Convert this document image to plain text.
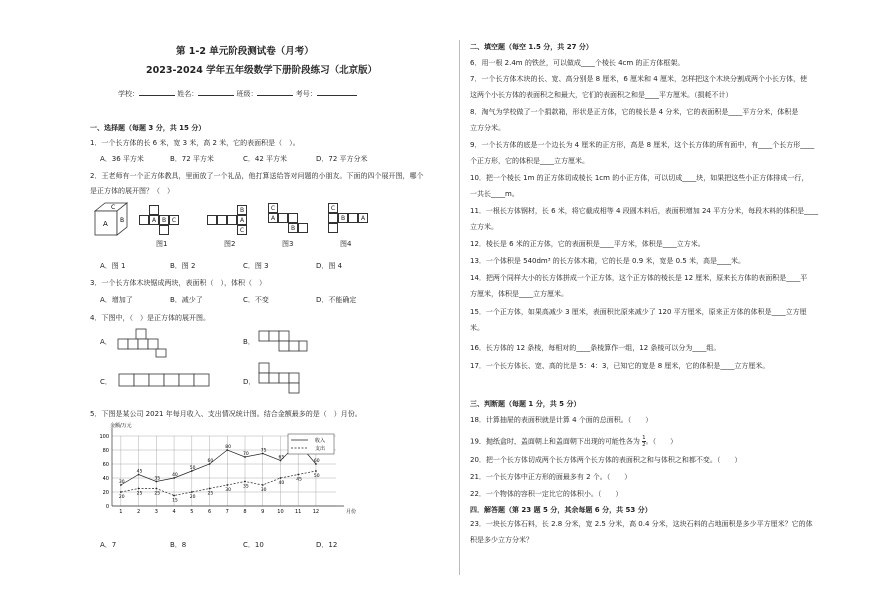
第 1-2 单元阶段测试卷（月考）
2023-2024 学年五年级数学下册阶段练习（北京版）
学校：	姓名：	班级：	考号：
一、选择题（每题 3 分，共 15 分）
1．一个长方体的长 6 米，宽 3 米，高 2 米，它的表面积是（　）。
A．36 平方米	B．72 平方米	C．42 平方米	D．72 平方分米
2．王老师有一个正方体教具，里面放了一个礼品，他打算送给答对问题的小朋友。下面的四个展开图，哪个
是正方体的展开图？（　）
C
A B	A B C
B
A
C
C
A
B
C
B	A
图1	图2	图3	图4
A．图 1	B．图 2	C．图 3	D．图 4
3．一个长方体木块锯成两块，表面积（　），体积（　）
A．增加了	B．减少了	C．不变	D．不能确定
4．下图中，（　）是正方体的展开图。
A．	B．
C．	D．
5．下图是某公司 2021 年每月收入、支出情况统计图。结合金额最多的是（　）月份。
0
20
40
60
80
100
1	2	3	4	5	6	7	8	9	10 11 12
金额/万元
月份
30
45
35
40
50
60
80
70
75
65
60
20
25	25
15
20
25
30
35
30
40
45
50
收入
支出
A．7	B．8	C．10	D．12
二、填空题（每空 1.5 分，共 27 分）
6．用一根 2.4m 的铁丝，可以做成____个棱长 4cm 的正方体框架。
7．一个长方体木块的长、宽、高分别是 8 厘米，6 厘米和 4 厘米，怎样把这个木块分割成两个小长方体，使
这两个小长方体的表面积之和最大，它们的表面积之和是____平方厘米。（损耗不计）
8．淘气为学校做了一个捐款箱，形状是正方体，它的棱长是 4 分米，它的表面积是____平方分米，体积是
立方分米。
9．一个长方体的底是一个边长为 4 厘米的正方形，高是 8 厘米，这个长方体的所有面中，有____个长方形____
个正方形，它的体积是____立方厘米。
10．把一个棱长 1m 的正方体切成棱长 1cm 的小正方体，可以切成____块，如果把这些小正方体排成一行，
一共长____m。
11．一根长方体钢材，长 6 米，将它截成相等 4 段圆木料后，表面积增加 24 平方分米，每段木料的体积是____
立方米。
12．棱长是 6 米的正方体，它的表面积是____平方米，体积是____立方米。
13．一个体积是 540dm³ 的长方体木箱，它的长是 0.9 米，宽是 0.5 米，高是____米。
14．把两个同样大小的长方体拼成一个正方体，这个正方体的棱长是 12 厘米，原来长方体的表面积是____平
方厘米，体积是____立方厘米。
15．一个正方体，如果高减少 3 厘米，表面积比原来减少了 120 平方厘米，原来正方体的体积是____立方厘
米。
16．长方体的 12 条棱，每相对的____条棱算作一组，12 条棱可以分为____组。
17．一个长方体长、宽、高的比是 5：4：3，已知它的宽是 8 厘米，它的体积是____立方厘米。
三、判断题（每题 1 分，共 5 分）
18．计算抽屉的表面积就是计算 4 个面的总面积。（　　）
19．抛纸盒时，盖面朝上和盖面朝下出现的可能性各为 $\frac{1}{2}$ 。（　　）
20．把一个长方体切成两个长方体两个长方体的表面积之和与体积之和都不变。（　　）
21．一个长方体中正方形的面最多有 2 个。（　　）
22．一个物体的容积一定比它的体积小。（　　）
四．解答题（第 23 题 5 分，其余每题 6 分，共 53 分）
23．一块长方体石料，长 2.8 分米，宽 2.5 分米，高 0.4 分米，这块石料的占地面积是多少平方厘米？它的体
积是多少立方分米？
